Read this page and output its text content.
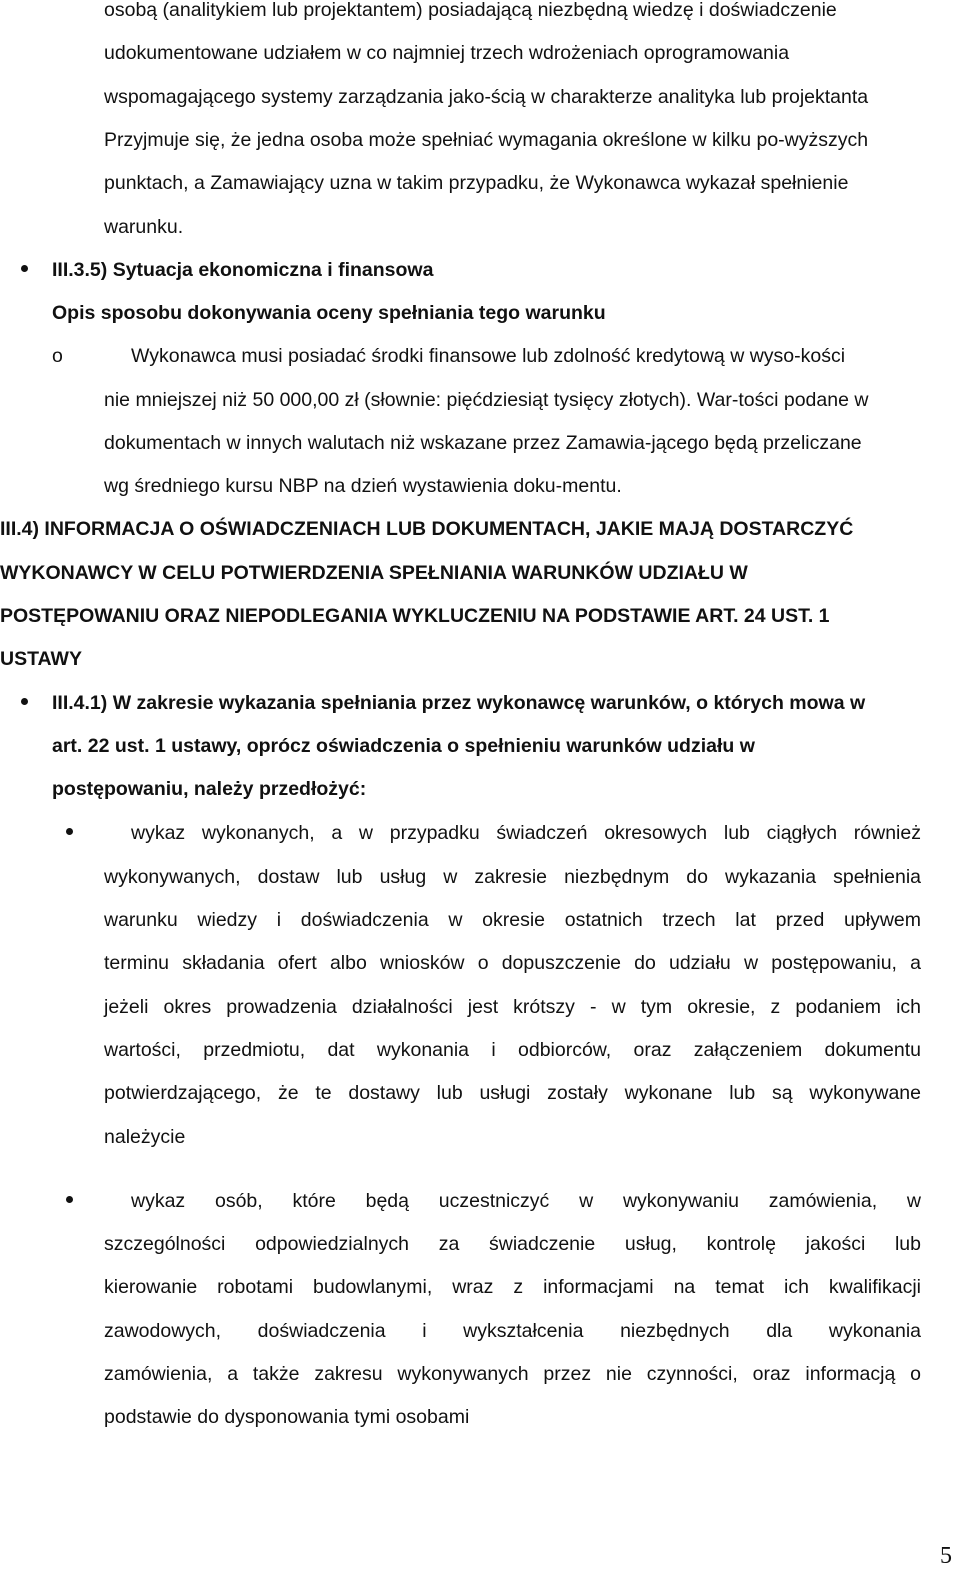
osobą (analitykiem lub projektantem) posiadającą niezbędną wiedzę i doświadczenie
udokumentowane udziałem w co najmniej trzech wdrożeniach oprogramowania
wspomagającego systemy zarządzania jako-ścią w charakterze analityka lub projektanta
Przyjmuje się, że jedna osoba może spełniać wymagania określone w kilku po-wyższych
punktach, a Zamawiający uzna w takim przypadku, że Wykonawca wykazał spełnienie
warunku.
III.3.5) Sytuacja ekonomiczna i finansowa
Opis sposobu dokonywania oceny spełniania tego warunku
o	Wykonawca musi posiadać środki finansowe lub zdolność kredytową w wyso-kości
nie mniejszej niż 50 000,00 zł (słownie: pięćdziesiąt tysięcy złotych). War-tości podane w
dokumentach w innych walutach niż wskazane przez Zamawia-jącego będą przeliczane
wg średniego kursu NBP na dzień wystawienia doku-mentu.
III.4) INFORMACJA O OŚWIADCZENIACH LUB DOKUMENTACH, JAKIE MAJĄ DOSTARCZYĆ
WYKONAWCY W CELU POTWIERDZENIA SPEŁNIANIA WARUNKÓW UDZIAŁU W
POSTĘPOWANIU ORAZ NIEPODLEGANIA WYKLUCZENIU NA PODSTAWIE ART. 24 UST. 1
USTAWY
III.4.1) W zakresie wykazania spełniania przez wykonawcę warunków, o których mowa w
art. 22 ust. 1 ustawy, oprócz oświadczenia o spełnieniu warunków udziału w
postępowaniu, należy przedłożyć:
wykaz wykonanych, a w przypadku świadczeń okresowych lub ciągłych również
wykonywanych, dostaw lub usług w zakresie niezbędnym do wykazania spełnienia
warunku wiedzy i doświadczenia w okresie ostatnich trzech lat przed upływem
terminu składania ofert albo wniosków o dopuszczenie do udziału w postępowaniu, a
jeżeli okres prowadzenia działalności jest krótszy - w tym okresie, z podaniem ich
wartości, przedmiotu, dat wykonania i odbiorców, oraz załączeniem dokumentu
potwierdzającego, że te dostawy lub usługi zostały wykonane lub są wykonywane
należycie
wykaz osób, które będą uczestniczyć w wykonywaniu zamówienia, w
szczególności odpowiedzialnych za świadczenie usług, kontrolę jakości lub
kierowanie robotami budowlanymi, wraz z informacjami na temat ich kwalifikacji
zawodowych, doświadczenia i wykształcenia niezbędnych dla wykonania
zamówienia, a także zakresu wykonywanych przez nie czynności, oraz informacją o
podstawie do dysponowania tymi osobami
5
